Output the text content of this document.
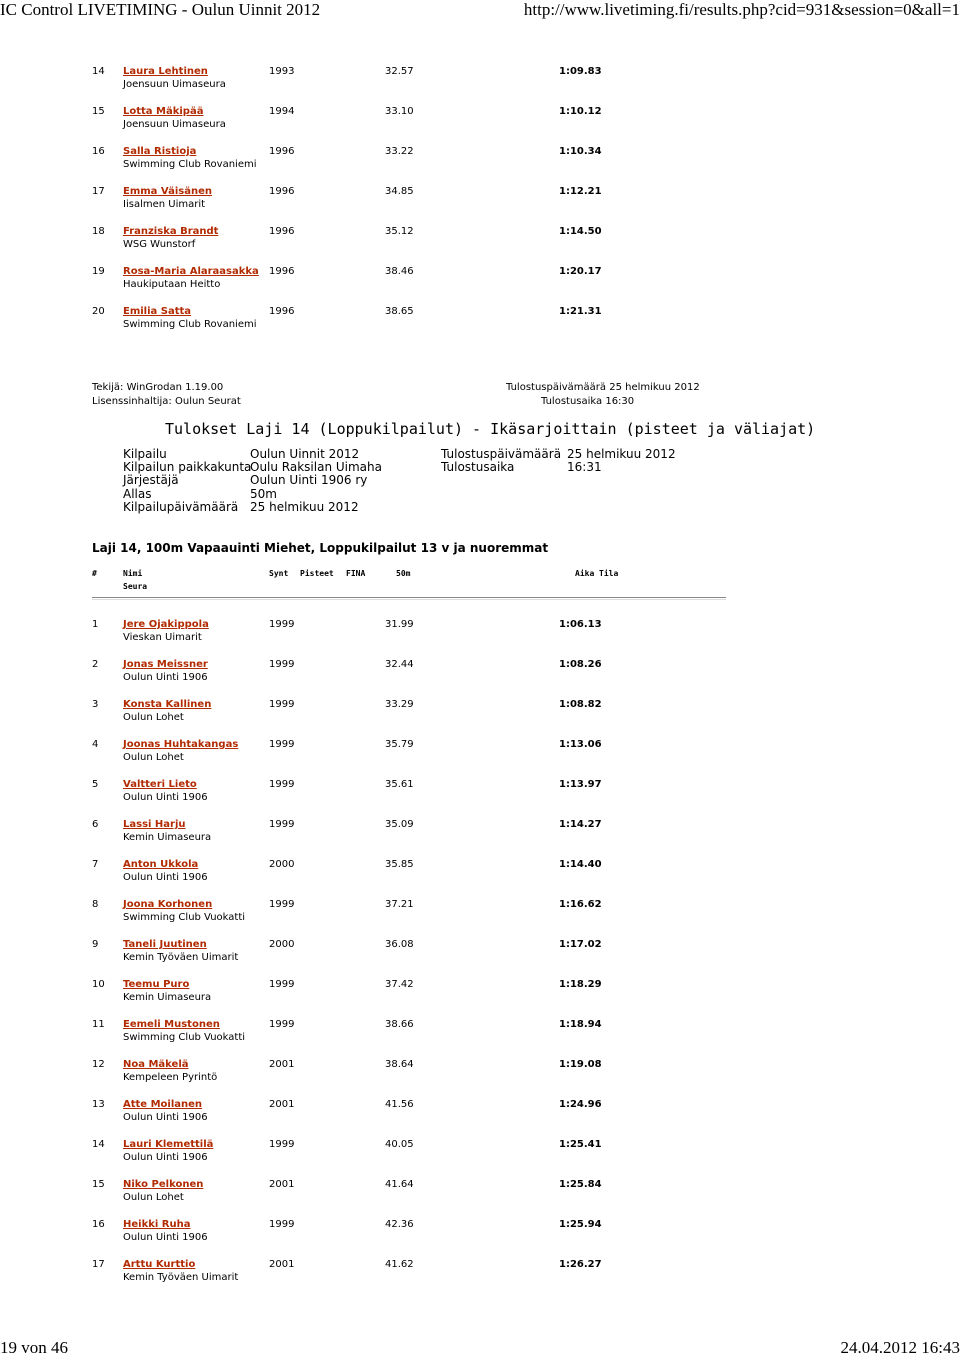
IC Control LIVETIMING - Oulun Uinnit 2012	http://www.livetiming.fi/results.php?cid=931&session=0&all=1
14 Laura Lehtinen	1993	32.57	1:09.83
Joensuun Uimaseura
15 Lotta Mäkipää	1994	33.10	1:10.12
Joensuun Uimaseura
16 Salla Ristioja	1996	33.22	1:10.34
Swimming Club Rovaniemi
17 Emma Väisänen	1996	34.85	1:12.21
Iisalmen Uimarit
18 Franziska Brandt	1996	35.12	1:14.50
WSG Wunstorf
19 Rosa-Maria Alaraasakka 1996	38.46	1:20.17
Haukiputaan Heitto
20 Emilia Satta	1996	38.65	1:21.31
Swimming Club Rovaniemi
Tekijä: WinGrodan 1.19.00
Lisenssinhaltija: Oulun Seurat
Tulostuspäivämäärä 25 helmikuu 2012
Tulostusaika 16:30
Tulokset Laji 14 (Loppukilpailut) - Ikäsarjoittain (pisteet ja väliajat)
Kilpailu	Oulun Uinnit 2012
Kilpailun paikkakunta
Oulu Raksilan Uimaha
Järjestäjä	Oulun Uinti 1906 ry
Allas	50m
Kilpailupäivämäärä 25 helmikuu 2012
Tulostuspäivämäärä 25 helmikuu 2012
Tulostusaika	16:31
Laji 14, 100m Vapaauinti Miehet, Loppukilpailut 13 v ja nuoremmat
#	Nimi	Synt Pisteet FINA	50m	Aika Tila
Seura
1 Jere Ojakippola	1999	31.99	1:06.13
Vieskan Uimarit
2 Jonas Meissner	1999	32.44	1:08.26
Oulun Uinti 1906
3 Konsta Kallinen	1999	33.29	1:08.82
Oulun Lohet
4 Joonas Huhtakangas	1999	35.79	1:13.06
Oulun Lohet
5 Valtteri Lieto	1999	35.61	1:13.97
Oulun Uinti 1906
6 Lassi Harju	1999	35.09	1:14.27
Kemin Uimaseura
7 Anton Ukkola	2000	35.85	1:14.40
Oulun Uinti 1906
8 Joona Korhonen	1999	37.21	1:16.62
Swimming Club Vuokatti
9 Taneli Juutinen	2000	36.08	1:17.02
Kemin Työväen Uimarit
10 Teemu Puro	1999	37.42	1:18.29
Kemin Uimaseura
11 Eemeli Mustonen	1999	38.66	1:18.94
Swimming Club Vuokatti
12 Noa Mäkelä	2001	38.64	1:19.08
Kempeleen Pyrintö
13 Atte Moilanen	2001	41.56	1:24.96
Oulun Uinti 1906
14 Lauri Klemettilä	1999	40.05	1:25.41
Oulun Uinti 1906
15 Niko Pelkonen	2001	41.64	1:25.84
Oulun Lohet
16 Heikki Ruha	1999	42.36	1:25.94
Oulun Uinti 1906
17 Arttu Kurttio	2001	41.62	1:26.27
Kemin Työväen Uimarit
19 von 46	24.04.2012 16:43
